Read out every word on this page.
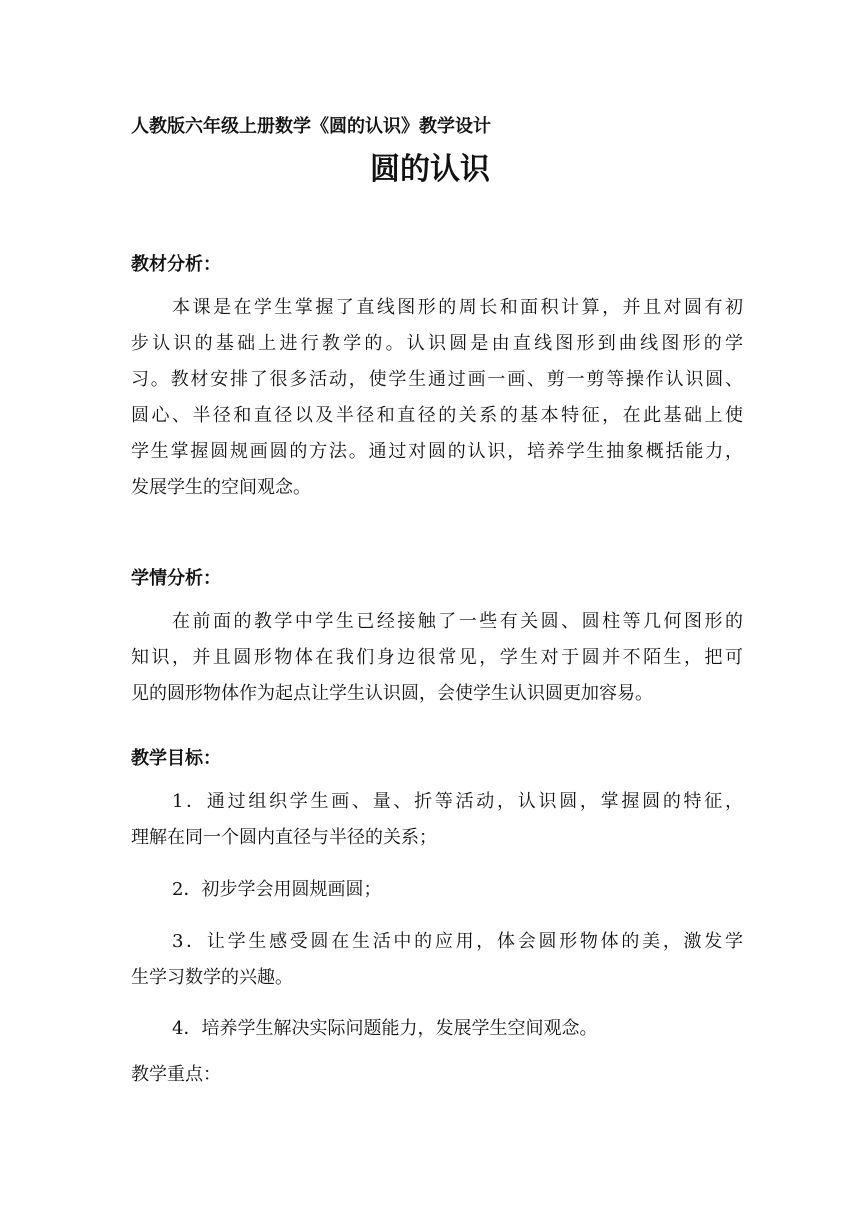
人教版六年级上册数学《圆的认识》教学设计
圆的认识
教材分析：
本课是在学生掌握了直线图形的周长和面积计算，并且对圆有初
步认识的基础上进行教学的。认识圆是由直线图形到曲线图形的学
习。教材安排了很多活动，使学生通过画一画、剪一剪等操作认识圆、
圆心、半径和直径以及半径和直径的关系的基本特征，在此基础上使
学生掌握圆规画圆的方法。通过对圆的认识，培养学生抽象概括能力，
发展学生的空间观念。
学情分析：
在前面的教学中学生已经接触了一些有关圆、圆柱等几何图形的
知识，并且圆形物体在我们身边很常见，学生对于圆并不陌生，把可
见的圆形物体作为起点让学生认识圆，会使学生认识圆更加容易。
教学目标：
1．通过组织学生画、量、折等活动，认识圆，掌握圆的特征，
理解在同一个圆内直径与半径的关系；
2．初步学会用圆规画圆；
3．让学生感受圆在生活中的应用，体会圆形物体的美，激发学
生学习数学的兴趣。
4．培养学生解决实际问题能力，发展学生空间观念。
教学重点：
